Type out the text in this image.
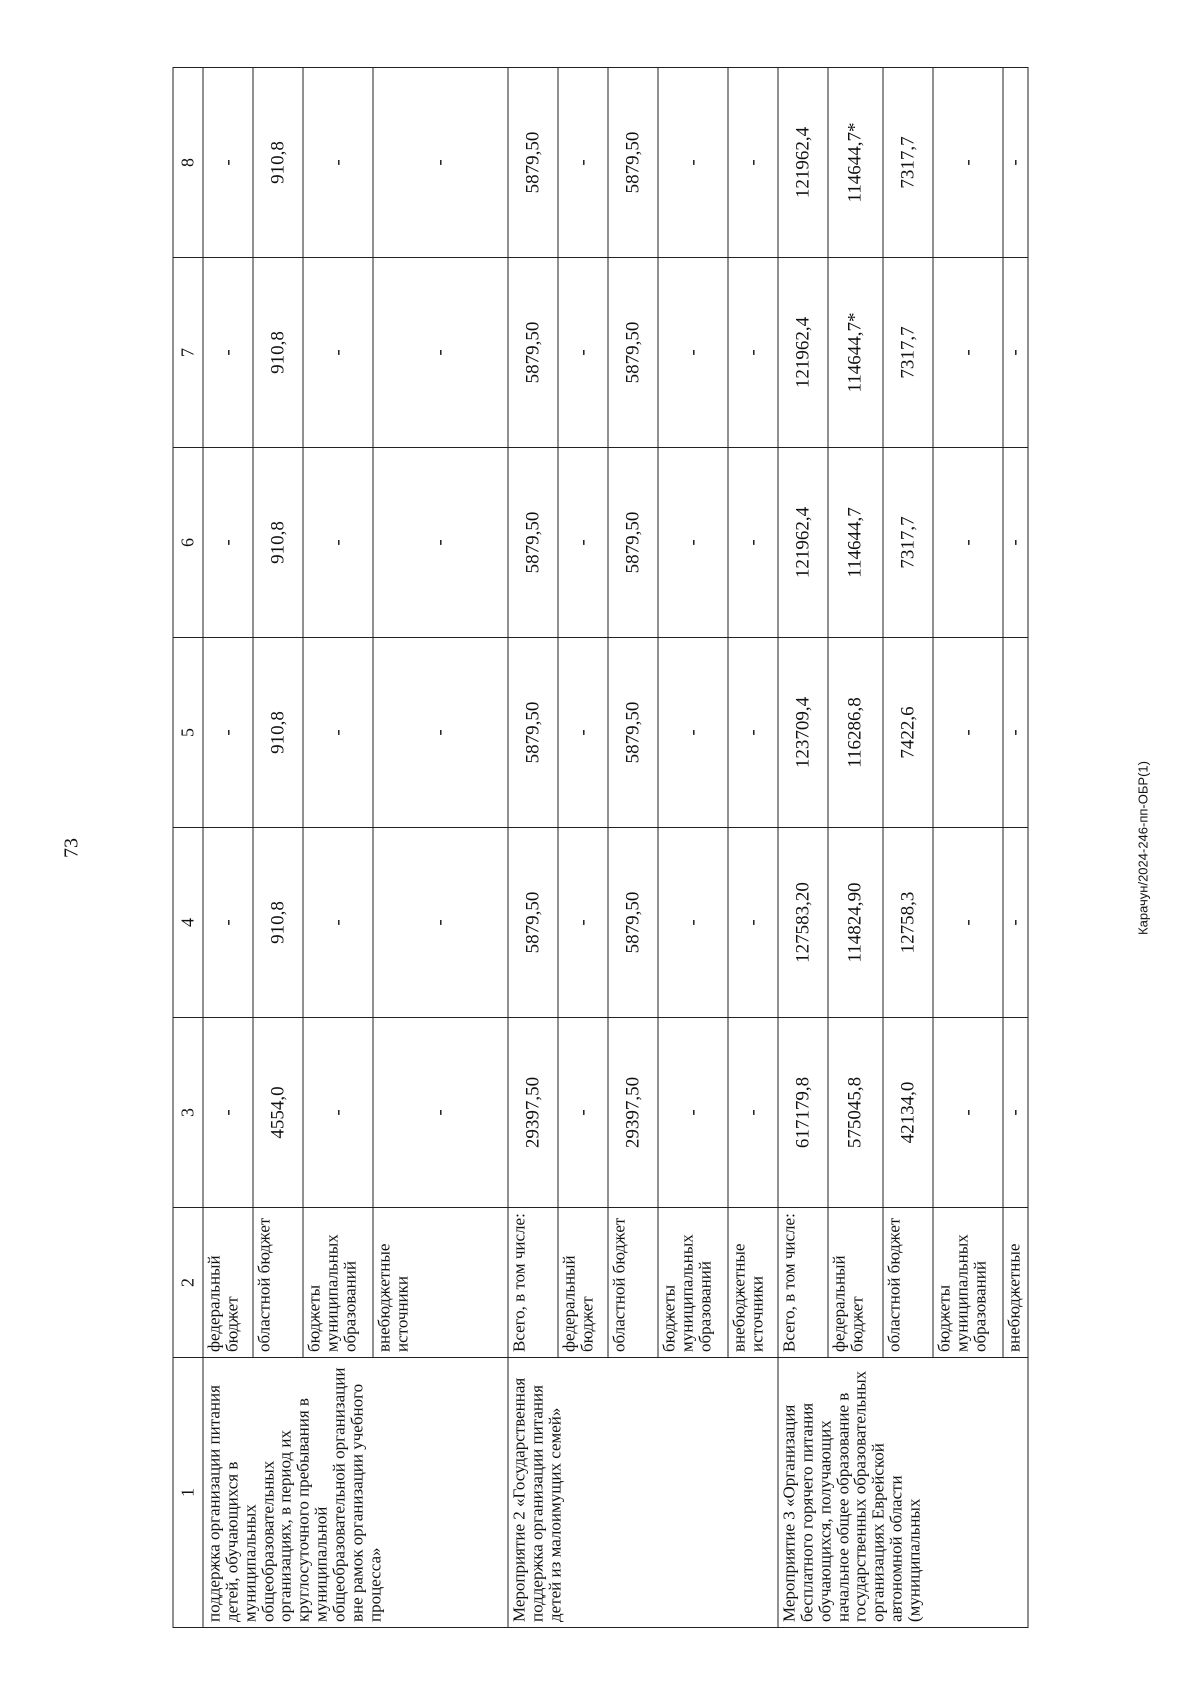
73	Карачун/2024-246-пп-ОБР(1)
1	2	3	4	5	6	7	8
поддержка организации питания детей, обучающихся в муниципальных общеобразовательных организациях, в период их круглосуточного пребывания в муниципальной общеобразовательной организации вне рамок организации учебного процесса»	федеральный бюджет	-	-	-	-	-	-
	областной бюджет	4554,0	910,8	910,8	910,8	910,8	910,8
	бюджеты муниципальных образований	-	-	-	-	-	-
	внебюджетные источники	-	-	-	-	-	-
Мероприятие 2 «Государственная поддержка организации питания детей из малоимущих семей»	Всего, в том числе:	29397,50	5879,50	5879,50	5879,50	5879,50	5879,50
	федеральный бюджет	-	-	-	-	-	-
	областной бюджет	29397,50	5879,50	5879,50	5879,50	5879,50	5879,50
	бюджеты муниципальных образований	-	-	-	-	-	-
	внебюджетные источники	-	-	-	-	-	-
Мероприятие 3 «Организация бесплатного горячего питания обучающихся, получающих начальное общее образование в государственных образовательных организациях Еврейской автономной области (муниципальных	Всего, в том числе:	617179,8	127583,20	123709,4	121962,4	121962,4	121962,4
	федеральный бюджет	575045,8	114824,90	116286,8	114644,7	114644,7*	114644,7*
	областной бюджет	42134,0	12758,3	7422,6	7317,7	7317,7	7317,7
	бюджеты муниципальных образований	-	-	-	-	-	-
	внебюджетные	-	-	-	-	-	-
